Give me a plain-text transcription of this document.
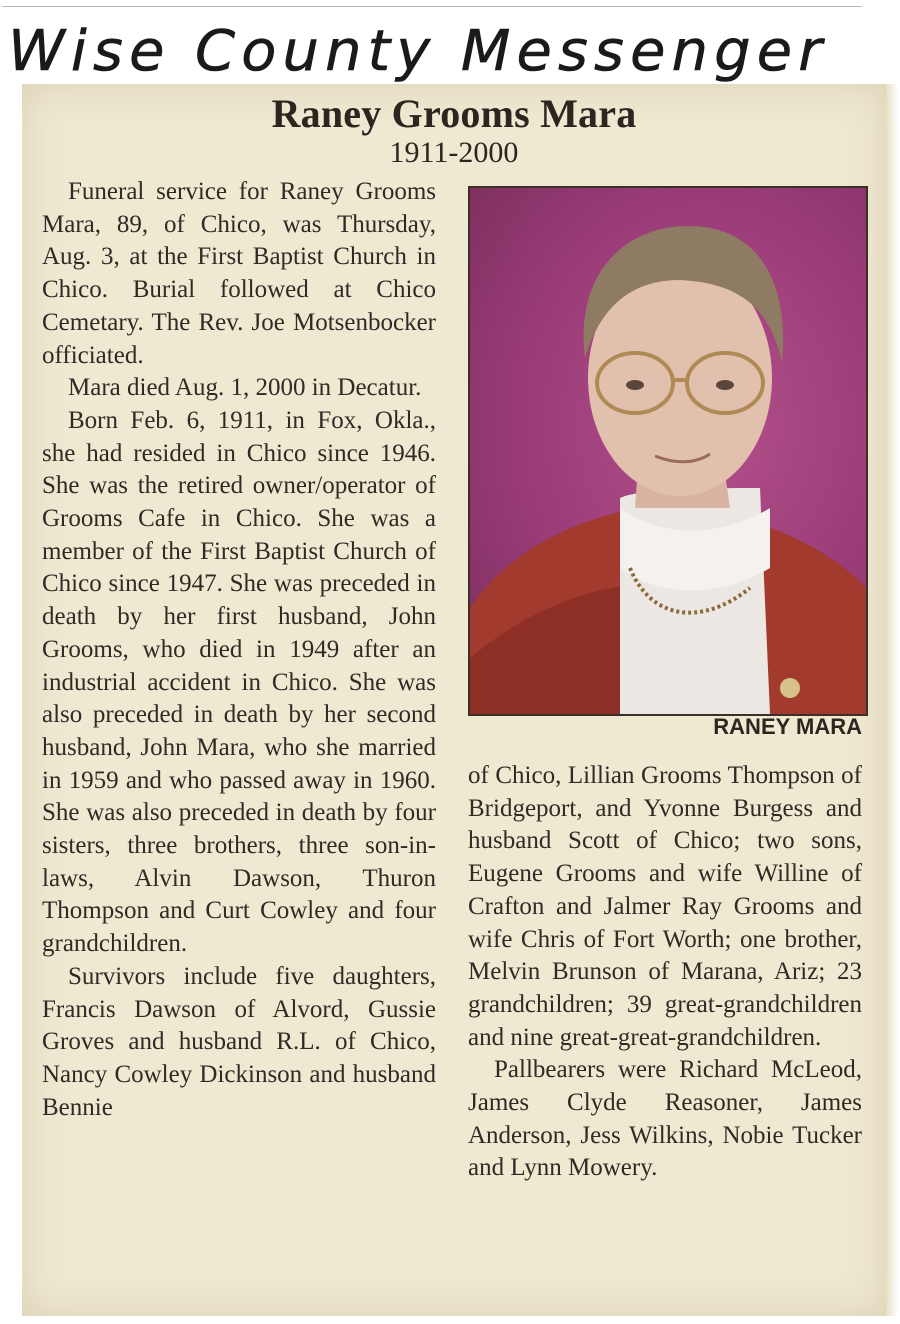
Wise County Messenger
Raney Grooms Mara
1911-2000

Funeral service for Raney Grooms Mara, 89, of Chico, was Thursday, Aug. 3, at the First Baptist Church in Chico. Burial followed at Chico Cemetary. The Rev. Joe Motsenbocker officiated.

Mara died Aug. 1, 2000 in Decatur.

Born Feb. 6, 1911, in Fox, Okla., she had resided in Chico since 1946. She was the retired owner/operator of Grooms Cafe in Chico. She was a member of the First Baptist Church of Chico since 1947. She was preceded in death by her first husband, John Grooms, who died in 1949 after an industrial accident in Chico. She was also preceded in death by her second husband, John Mara, who she married in 1959 and who passed away in 1960. She was also preceded in death by four sisters, three brothers, three son-in-laws, Alvin Dawson, Thuron Thompson and Curt Cowley and four grandchildren.

Survivors include five daughters, Francis Dawson of Alvord, Gussie Groves and husband R.L. of Chico, Nancy Cowley Dickinson and husband Bennie

RANEY MARA

of Chico, Lillian Grooms Thompson of Bridgeport, and Yvonne Burgess and husband Scott of Chico; two sons, Eugene Grooms and wife Willine of Crafton and Jalmer Ray Grooms and wife Chris of Fort Worth; one brother, Melvin Brunson of Marana, Ariz; 23 grandchildren; 39 great-grandchildren and nine great-great-grandchildren.

Pallbearers were Richard McLeod, James Clyde Reasoner, James Anderson, Jess Wilkins, Nobie Tucker and Lynn Mowery.
